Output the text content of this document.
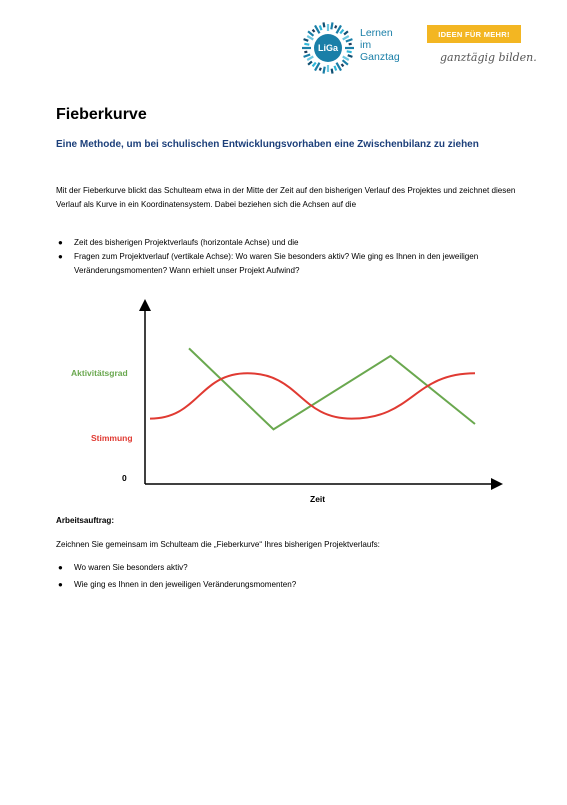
LiGa
Lernen
im
Ganztag
IDEEN FÜR MEHR!
ganztägig bilden.
Fieberkurve
Eine Methode, um bei schulischen Entwicklungsvorhaben eine Zwischenbilanz zu ziehen
Mit der Fieberkurve blickt das Schulteam etwa in der Mitte der Zeit auf den bisherigen Verlauf des Projektes und zeichnet diesen Verlauf als Kurve in ein Koordinatensystem. Dabei beziehen sich die Achsen auf die
● Zeit des bisherigen Projektverlaufs (horizontale Achse) und die
● Fragen zum Projektverlauf (vertikale Achse): Wo waren Sie besonders aktiv? Wie ging es Ihnen in den jeweiligen Veränderungsmomenten? Wann erhielt unser Projekt Aufwind?
Aktivitätsgrad
Stimmung
0
Zeit
Arbeitsauftrag:
Zeichnen Sie gemeinsam im Schulteam die „Fieberkurve“ Ihres bisherigen Projektverlaufs:
● Wo waren Sie besonders aktiv?
● Wie ging es Ihnen in den jeweiligen Veränderungsmomenten?
